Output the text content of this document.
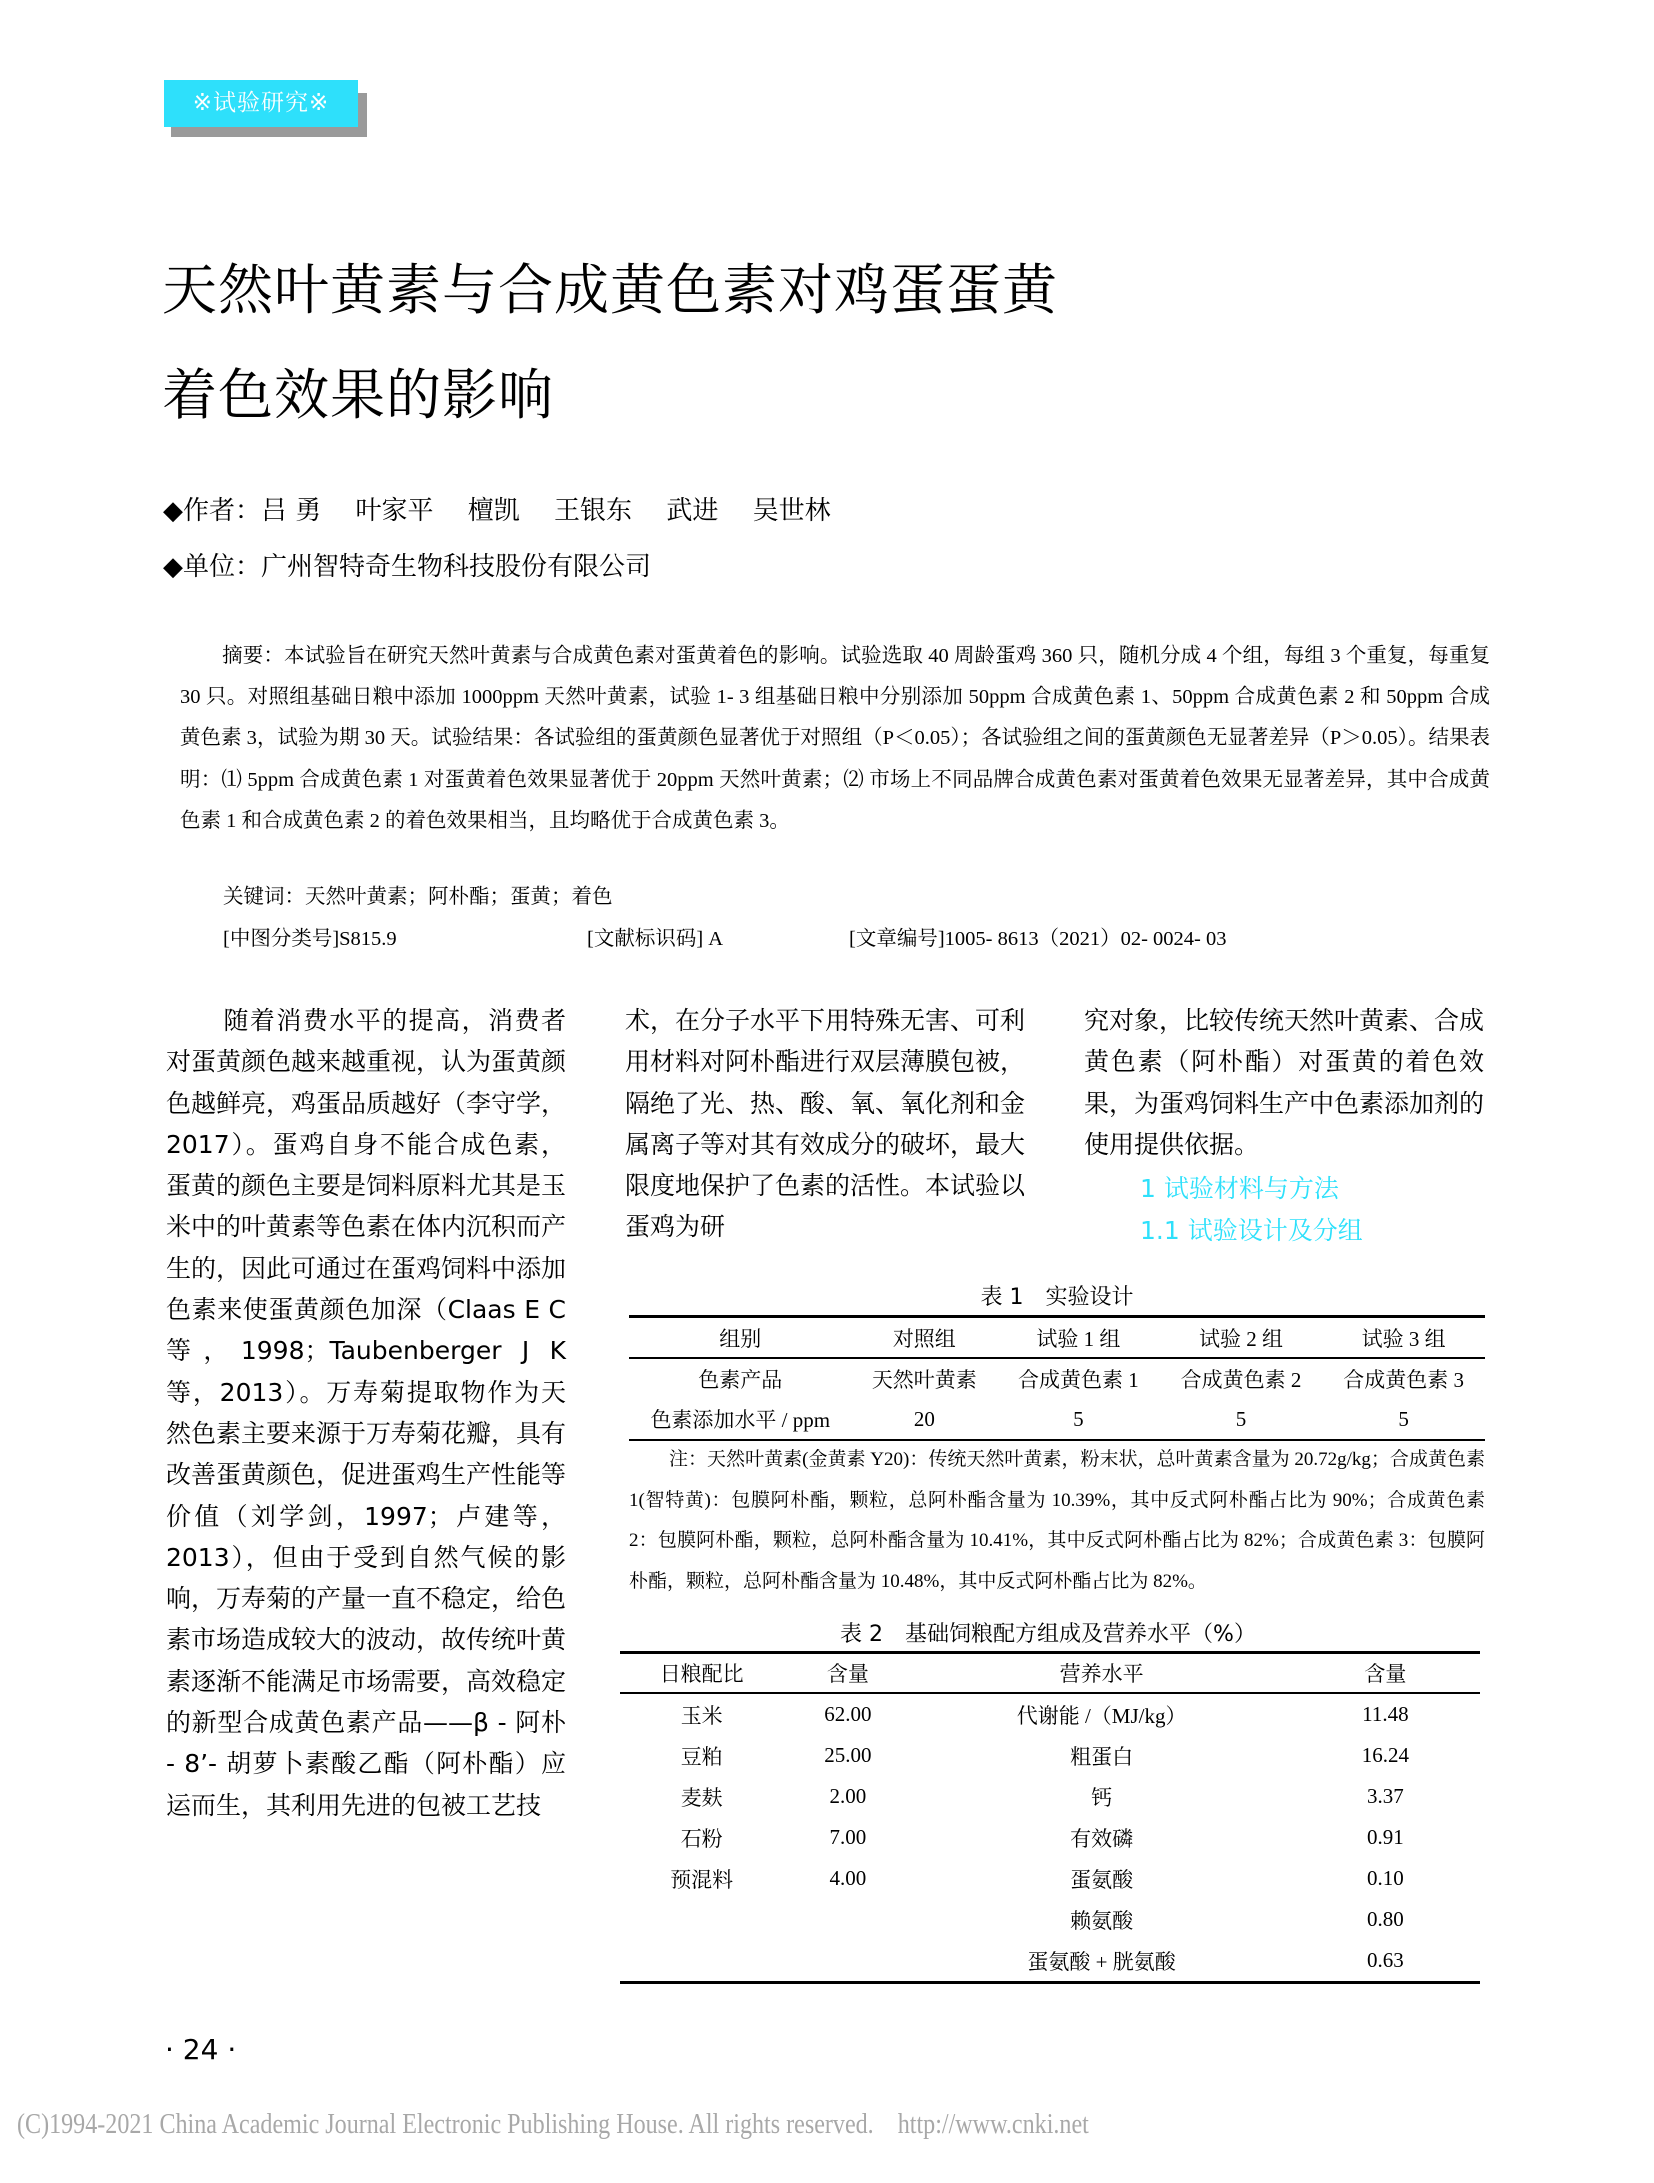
※试验研究※
天然叶黄素与合成黄色素对鸡蛋蛋黄
着色效果的影响
◆作者：吕 勇　 叶家平　 檀凯　 王银东　 武进　 吴世林
◆单位：广州智特奇生物科技股份有限公司
摘要：本试验旨在研究天然叶黄素与合成黄色素对蛋黄着色的影响。试验选取 40 周龄蛋鸡 360 只，随机分成 4 个组，每组 3 个重复，每重复 30 只。对照组基础日粮中添加 1000ppm 天然叶黄素，试验 1- 3 组基础日粮中分别添加 50ppm 合成黄色素 1、50ppm 合成黄色素 2 和 50ppm 合成黄色素 3，试验为期 30 天。试验结果：各试验组的蛋黄颜色显著优于对照组（P＜0.05）；各试验组之间的蛋黄颜色无显著差异（P＞0.05）。结果表明：⑴ 5ppm 合成黄色素 1 对蛋黄着色效果显著优于 20ppm 天然叶黄素；⑵ 市场上不同品牌合成黄色素对蛋黄着色效果无显著差异，其中合成黄色素 1 和合成黄色素 2 的着色效果相当，且均略优于合成黄色素 3。
关键词：天然叶黄素；阿朴酯；蛋黄；着色

[中图分类号]S815.9

	[文献标识码] A

	[文章编号]1005- 8613（2021）02- 0024- 03

随着消费水平的提高，消费者对蛋黄颜色越来越重视，认为蛋黄颜色越鲜亮，鸡蛋品质越好（李守学，2017）。蛋鸡自身不能合成色素，蛋黄的颜色主要是饲料原料尤其是玉米中的叶黄素等色素在体内沉积而产生的，因此可通过在蛋鸡饲料中添加色素来使蛋黄颜色加深（Claas E C 等，1998；Taubenberger J K 等，2013）。万寿菊提取物作为天然色素主要来源于万寿菊花瓣，具有改善蛋黄颜色，促进蛋鸡生产性能等价值（刘学剑，1997；卢建等，2013），但由于受到自然气候的影响，万寿菊的产量一直不稳定，给色素市场造成较大的波动，故传统叶黄素逐渐不能满足市场需要，高效稳定的新型合成黄色素产品——β - 阿朴 - 8’- 胡萝卜素酸乙酯（阿朴酯）应运而生，其利用先进的包被工艺技
术，在分子水平下用特殊无害、可利用材料对阿朴酯进行双层薄膜包被，隔绝了光、热、酸、氧、氧化剂和金属离子等对其有效成分的破坏，最大限度地保护了色素的活性。本试验以蛋鸡为研
究对象，比较传统天然叶黄素、合成黄色素（阿朴酯）对蛋黄的着色效果，为蛋鸡饲料生产中色素添加剂的使用提供依据。
1 试验材料与方法
1.1 试验设计及分组
表 1　实验设计
组别	对照组	试验 1 组	试验 2 组	试验 3 组
色素产品	天然叶黄素	合成黄色素 1	合成黄色素 2	合成黄色素 3
色素添加水平 / ppm	20	5	5	5
注：天然叶黄素(金黄素 Y20)：传统天然叶黄素，粉末状，总叶黄素含量为 20.72g/kg；合成黄色素 1(智特黄)：包膜阿朴酯，颗粒，总阿朴酯含量为 10.39%，其中反式阿朴酯占比为 90%；合成黄色素 2：包膜阿朴酯，颗粒，总阿朴酯含量为 10.41%，其中反式阿朴酯占比为 82%；合成黄色素 3：包膜阿朴酯，颗粒，总阿朴酯含量为 10.48%，其中反式阿朴酯占比为 82%。
表 2　基础饲粮配方组成及营养水平（%）
日粮配比	含量	营养水平	含量
玉米	62.00	代谢能 /（MJ/kg）	11.48
豆粕	25.00	粗蛋白	16.24
麦麸	2.00	钙	3.37
石粉	7.00	有效磷	0.91
预混料	4.00	蛋氨酸	0.10
		赖氨酸	0.80
		蛋氨酸 + 胱氨酸	0.63
· 24 ·
(C)1994-2021 China Academic Journal Electronic Publishing House. All rights reserved.    http://www.cnki.net
